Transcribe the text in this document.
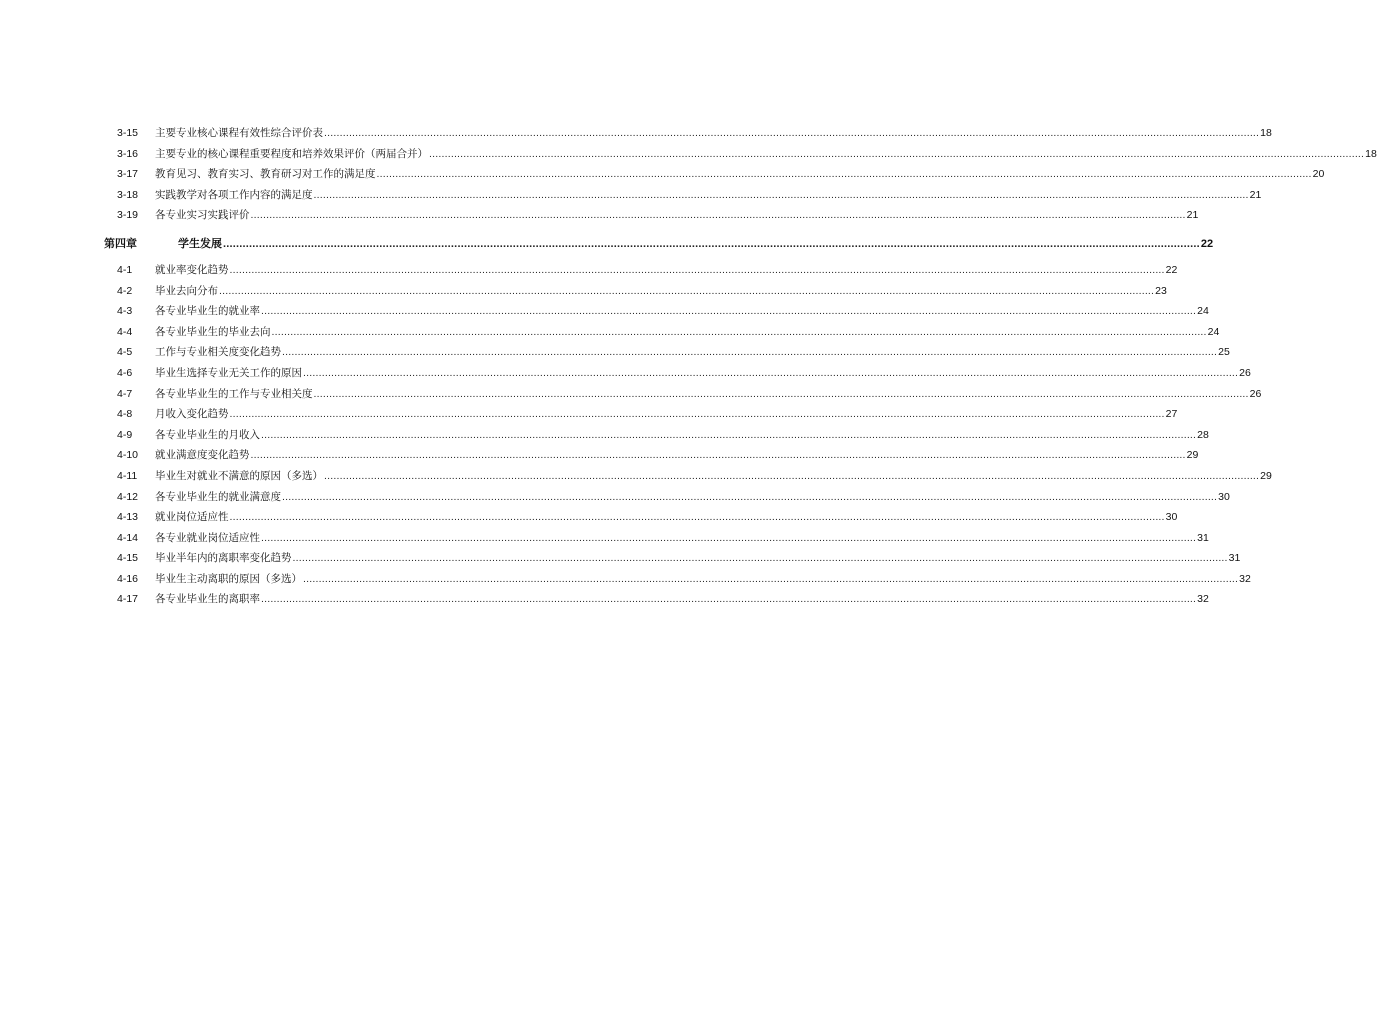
3-15	主要专业核心课程有效性综合评价表 ............................................................................................................................................................................................................................................................................................................ 18
3-16	主要专业的核心课程重要程度和培养效果评价（两届合并） ............................................................................................................................................................................................................................................................................................................ 18
3-17	教育见习、教育实习、教育研习对工作的满足度 ............................................................................................................................................................................................................................................................................................................ 20
3-18	实践教学对各项工作内容的满足度 ............................................................................................................................................................................................................................................................................................................ 21
3-19	各专业实习实践评价 ............................................................................................................................................................................................................................................................................................................ 21
第四章	学生发展 ............................................................................................................................................................................................................................................................................................................ 22
4-1	就业率变化趋势 ............................................................................................................................................................................................................................................................................................................ 22
4-2	毕业去向分布 ............................................................................................................................................................................................................................................................................................................ 23
4-3	各专业毕业生的就业率 ............................................................................................................................................................................................................................................................................................................ 24
4-4	各专业毕业生的毕业去向 ............................................................................................................................................................................................................................................................................................................ 24
4-5	工作与专业相关度变化趋势 ............................................................................................................................................................................................................................................................................................................ 25
4-6	毕业生选择专业无关工作的原因 ............................................................................................................................................................................................................................................................................................................ 26
4-7	各专业毕业生的工作与专业相关度 ............................................................................................................................................................................................................................................................................................................ 26
4-8	月收入变化趋势 ............................................................................................................................................................................................................................................................................................................ 27
4-9	各专业毕业生的月收入 ............................................................................................................................................................................................................................................................................................................ 28
4-10	就业满意度变化趋势 ............................................................................................................................................................................................................................................................................................................ 29
4-11	毕业生对就业不满意的原因（多选） ............................................................................................................................................................................................................................................................................................................ 29
4-12	各专业毕业生的就业满意度 ............................................................................................................................................................................................................................................................................................................ 30
4-13	就业岗位适应性 ............................................................................................................................................................................................................................................................................................................ 30
4-14	各专业就业岗位适应性 ............................................................................................................................................................................................................................................................................................................ 31
4-15	毕业半年内的离职率变化趋势 ............................................................................................................................................................................................................................................................................................................ 31
4-16	毕业生主动离职的原因（多选） ............................................................................................................................................................................................................................................................................................................ 32
4-17	各专业毕业生的离职率 ............................................................................................................................................................................................................................................................................................................ 32
